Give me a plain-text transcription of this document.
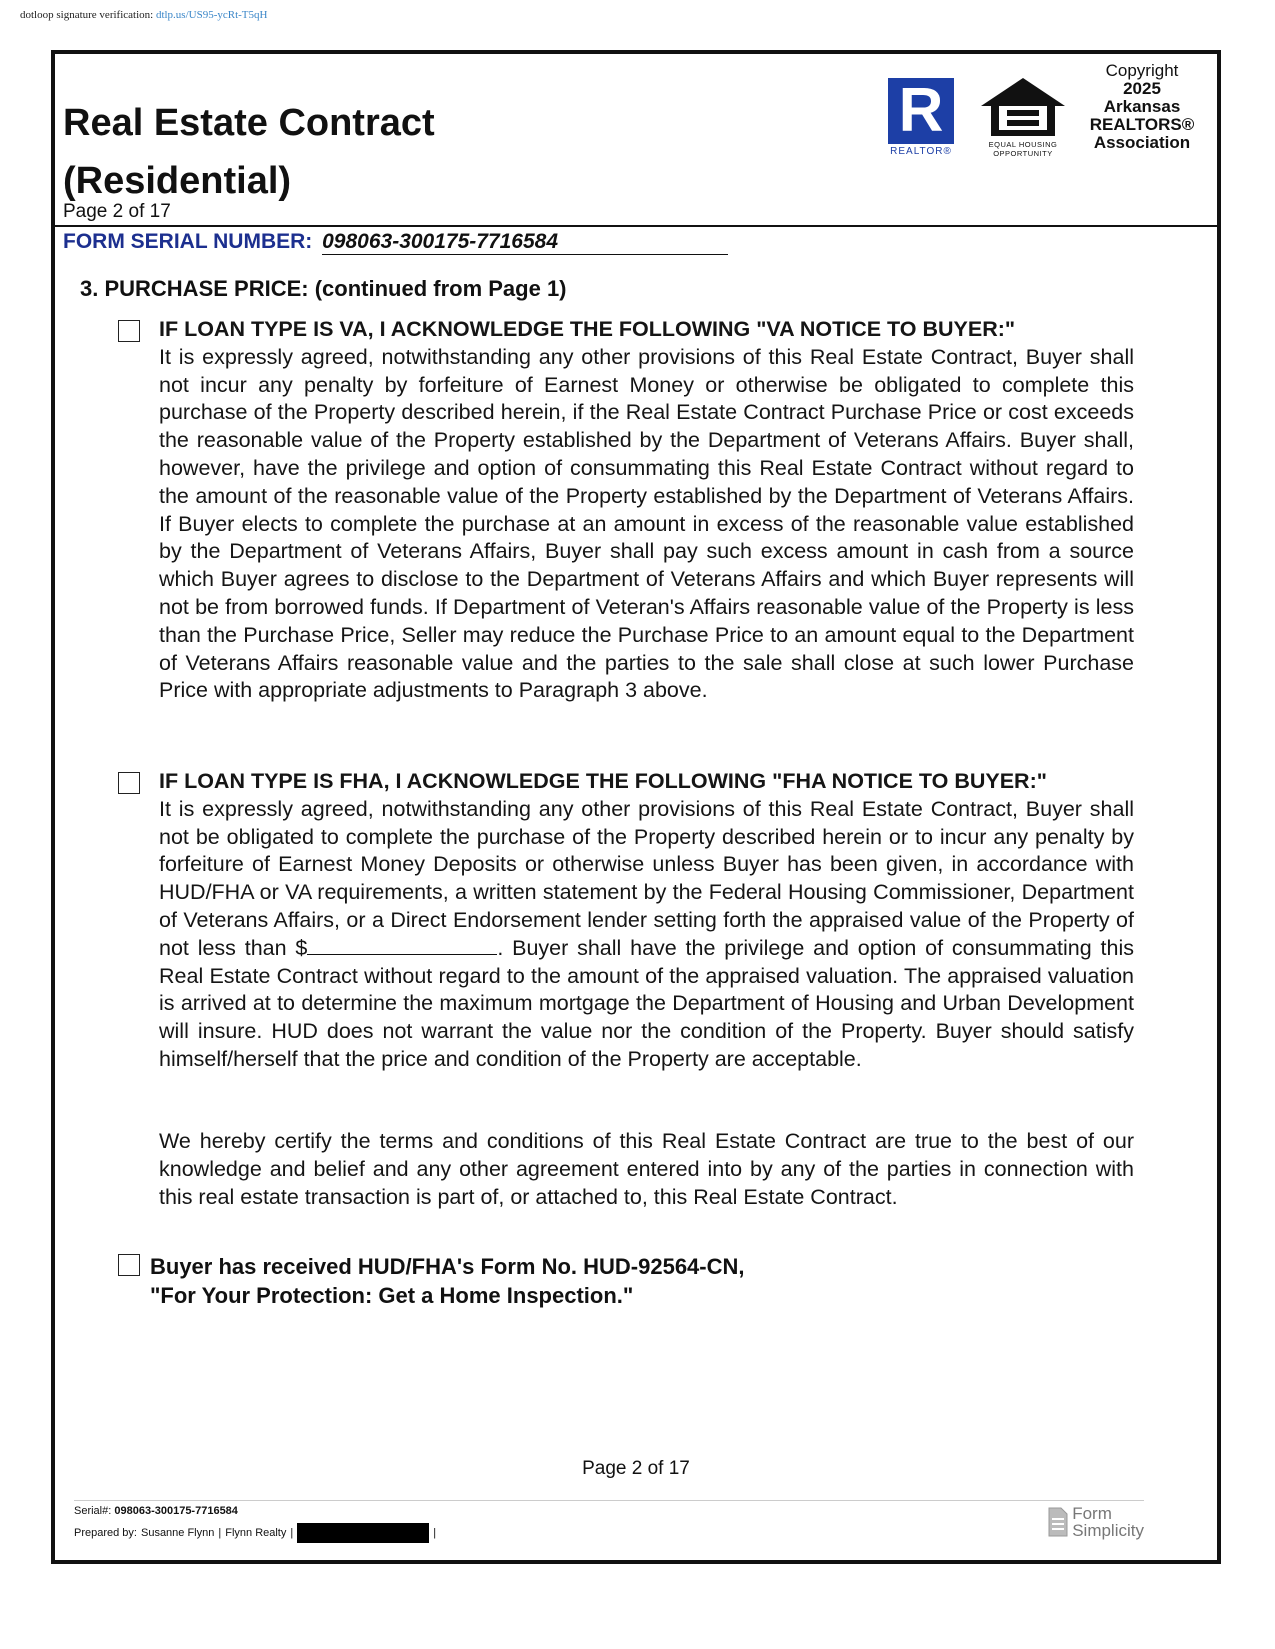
dotloop signature verification: dtlp.us/US95-ycRt-T5qH
Real Estate Contract
(Residential)
Page 2 of 17
R
REALTOR®
EQUAL HOUSING
OPPORTUNITY
Copyright
2025
Arkansas
REALTORS®
Association
FORM SERIAL NUMBER: 098063-300175-7716584
3. PURCHASE PRICE: (continued from Page 1)
IF LOAN TYPE IS VA, I ACKNOWLEDGE THE FOLLOWING "VA NOTICE TO BUYER:"
It is expressly agreed, notwithstanding any other provisions of this Real Estate Contract, Buyer shall not incur any penalty by forfeiture of Earnest Money or otherwise be obligated to complete this purchase of the Property described herein, if the Real Estate Contract Purchase Price or cost exceeds the reasonable value of the Property established by the Department of Veterans Affairs. Buyer shall, however, have the privilege and option of consummating this Real Estate Contract without regard to the amount of the reasonable value of the Property established by the Department of Veterans Affairs. If Buyer elects to complete the purchase at an amount in excess of the reasonable value established by the Department of Veterans Affairs, Buyer shall pay such excess amount in cash from a source which Buyer agrees to disclose to the Department of Veterans Affairs and which Buyer represents will not be from borrowed funds. If Department of Veteran's Affairs reasonable value of the Property is less than the Purchase Price, Seller may reduce the Purchase Price to an amount equal to the Department of Veterans Affairs reasonable value and the parties to the sale shall close at such lower Purchase Price with appropriate adjustments to Paragraph 3 above.
IF LOAN TYPE IS FHA, I ACKNOWLEDGE THE FOLLOWING "FHA NOTICE TO BUYER:"
It is expressly agreed, notwithstanding any other provisions of this Real Estate Contract, Buyer shall not be obligated to complete the purchase of the Property described herein or to incur any penalty by forfeiture of Earnest Money Deposits or otherwise unless Buyer has been given, in accordance with HUD/FHA or VA requirements, a written statement by the Federal Housing Commissioner, Department of Veterans Affairs, or a Direct Endorsement lender setting forth the appraised value of the Property of not less than $	. Buyer shall have the privilege and option of consummating this Real Estate Contract without regard to the amount of the appraised valuation. The appraised valuation is arrived at to determine the maximum mortgage the Department of Housing and Urban Development will insure. HUD does not warrant the value nor the condition of the Property. Buyer should satisfy himself/herself that the price and condition of the Property are acceptable.
We hereby certify the terms and conditions of this Real Estate Contract are true to the best of our knowledge and belief and any other agreement entered into by any of the parties in connection with this real estate transaction is part of, or attached to, this Real Estate Contract.
Buyer has received HUD/FHA's Form No. HUD-92564-CN,
"For Your Protection: Get a Home Inspection."
Page 2 of 17
Serial#: 098063-300175-7716584
Prepared by: Susanne Flynn | Flynn Realty |	|
Form
Simplicity
